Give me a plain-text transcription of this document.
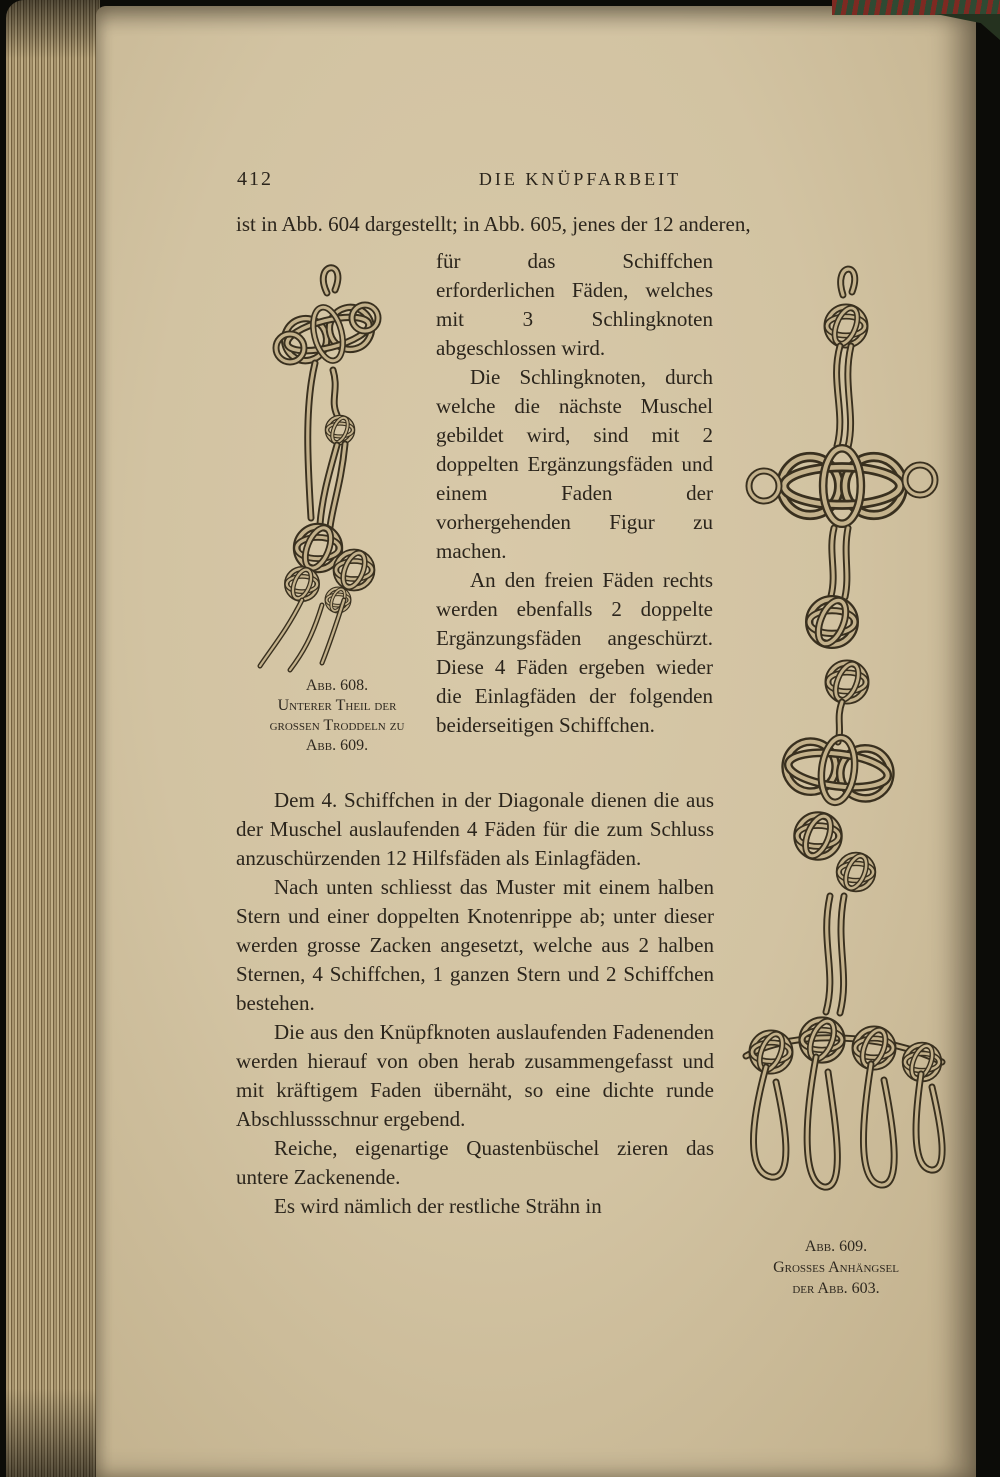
412	DIE KNÜPFARBEIT
ist in Abb. 604 dargestellt; in Abb. 605, jenes der 12 anderen,

für das Schiffchen erforderlichen Fäden, welches mit 3 Schlingknoten abgeschlossen wird.

Die Schlingknoten, durch welche die nächste Muschel gebildet wird, sind mit 2 doppelten Ergänzungsfäden und einem Faden der vorhergehenden Figur zu machen.

An den freien Fäden rechts werden ebenfalls 2 doppelte Ergänzungsfäden angeschürzt. Diese 4 Fäden ergeben wieder die Einlagfäden der folgenden beiderseitigen Schiffchen.

Abb. 608.
Unterer Theil der
grossen Troddeln zu
Abb. 609.

Dem 4. Schiffchen in der Diagonale dienen die aus der Muschel auslaufenden 4 Fäden für die zum Schluss anzuschürzenden 12 Hilfsfäden als Einlagfäden.

Nach unten schliesst das Muster mit einem halben Stern und einer doppelten Knotenrippe ab; unter dieser werden grosse Zacken angesetzt, welche aus 2 halben Sternen, 4 Schiffchen, 1 ganzen Stern und 2 Schiffchen bestehen.

Die aus den Knüpfknoten auslaufenden Fadenenden werden hierauf von oben herab zusammengefasst und mit kräftigem Faden übernäht, so eine dichte runde Abschlussschnur ergebend.

Reiche, eigenartige Quastenbüschel zieren das untere Zackenende.

Es wird nämlich der restliche Strähn in

Abb. 609.
Grosses Anhängsel
der Abb. 603.
